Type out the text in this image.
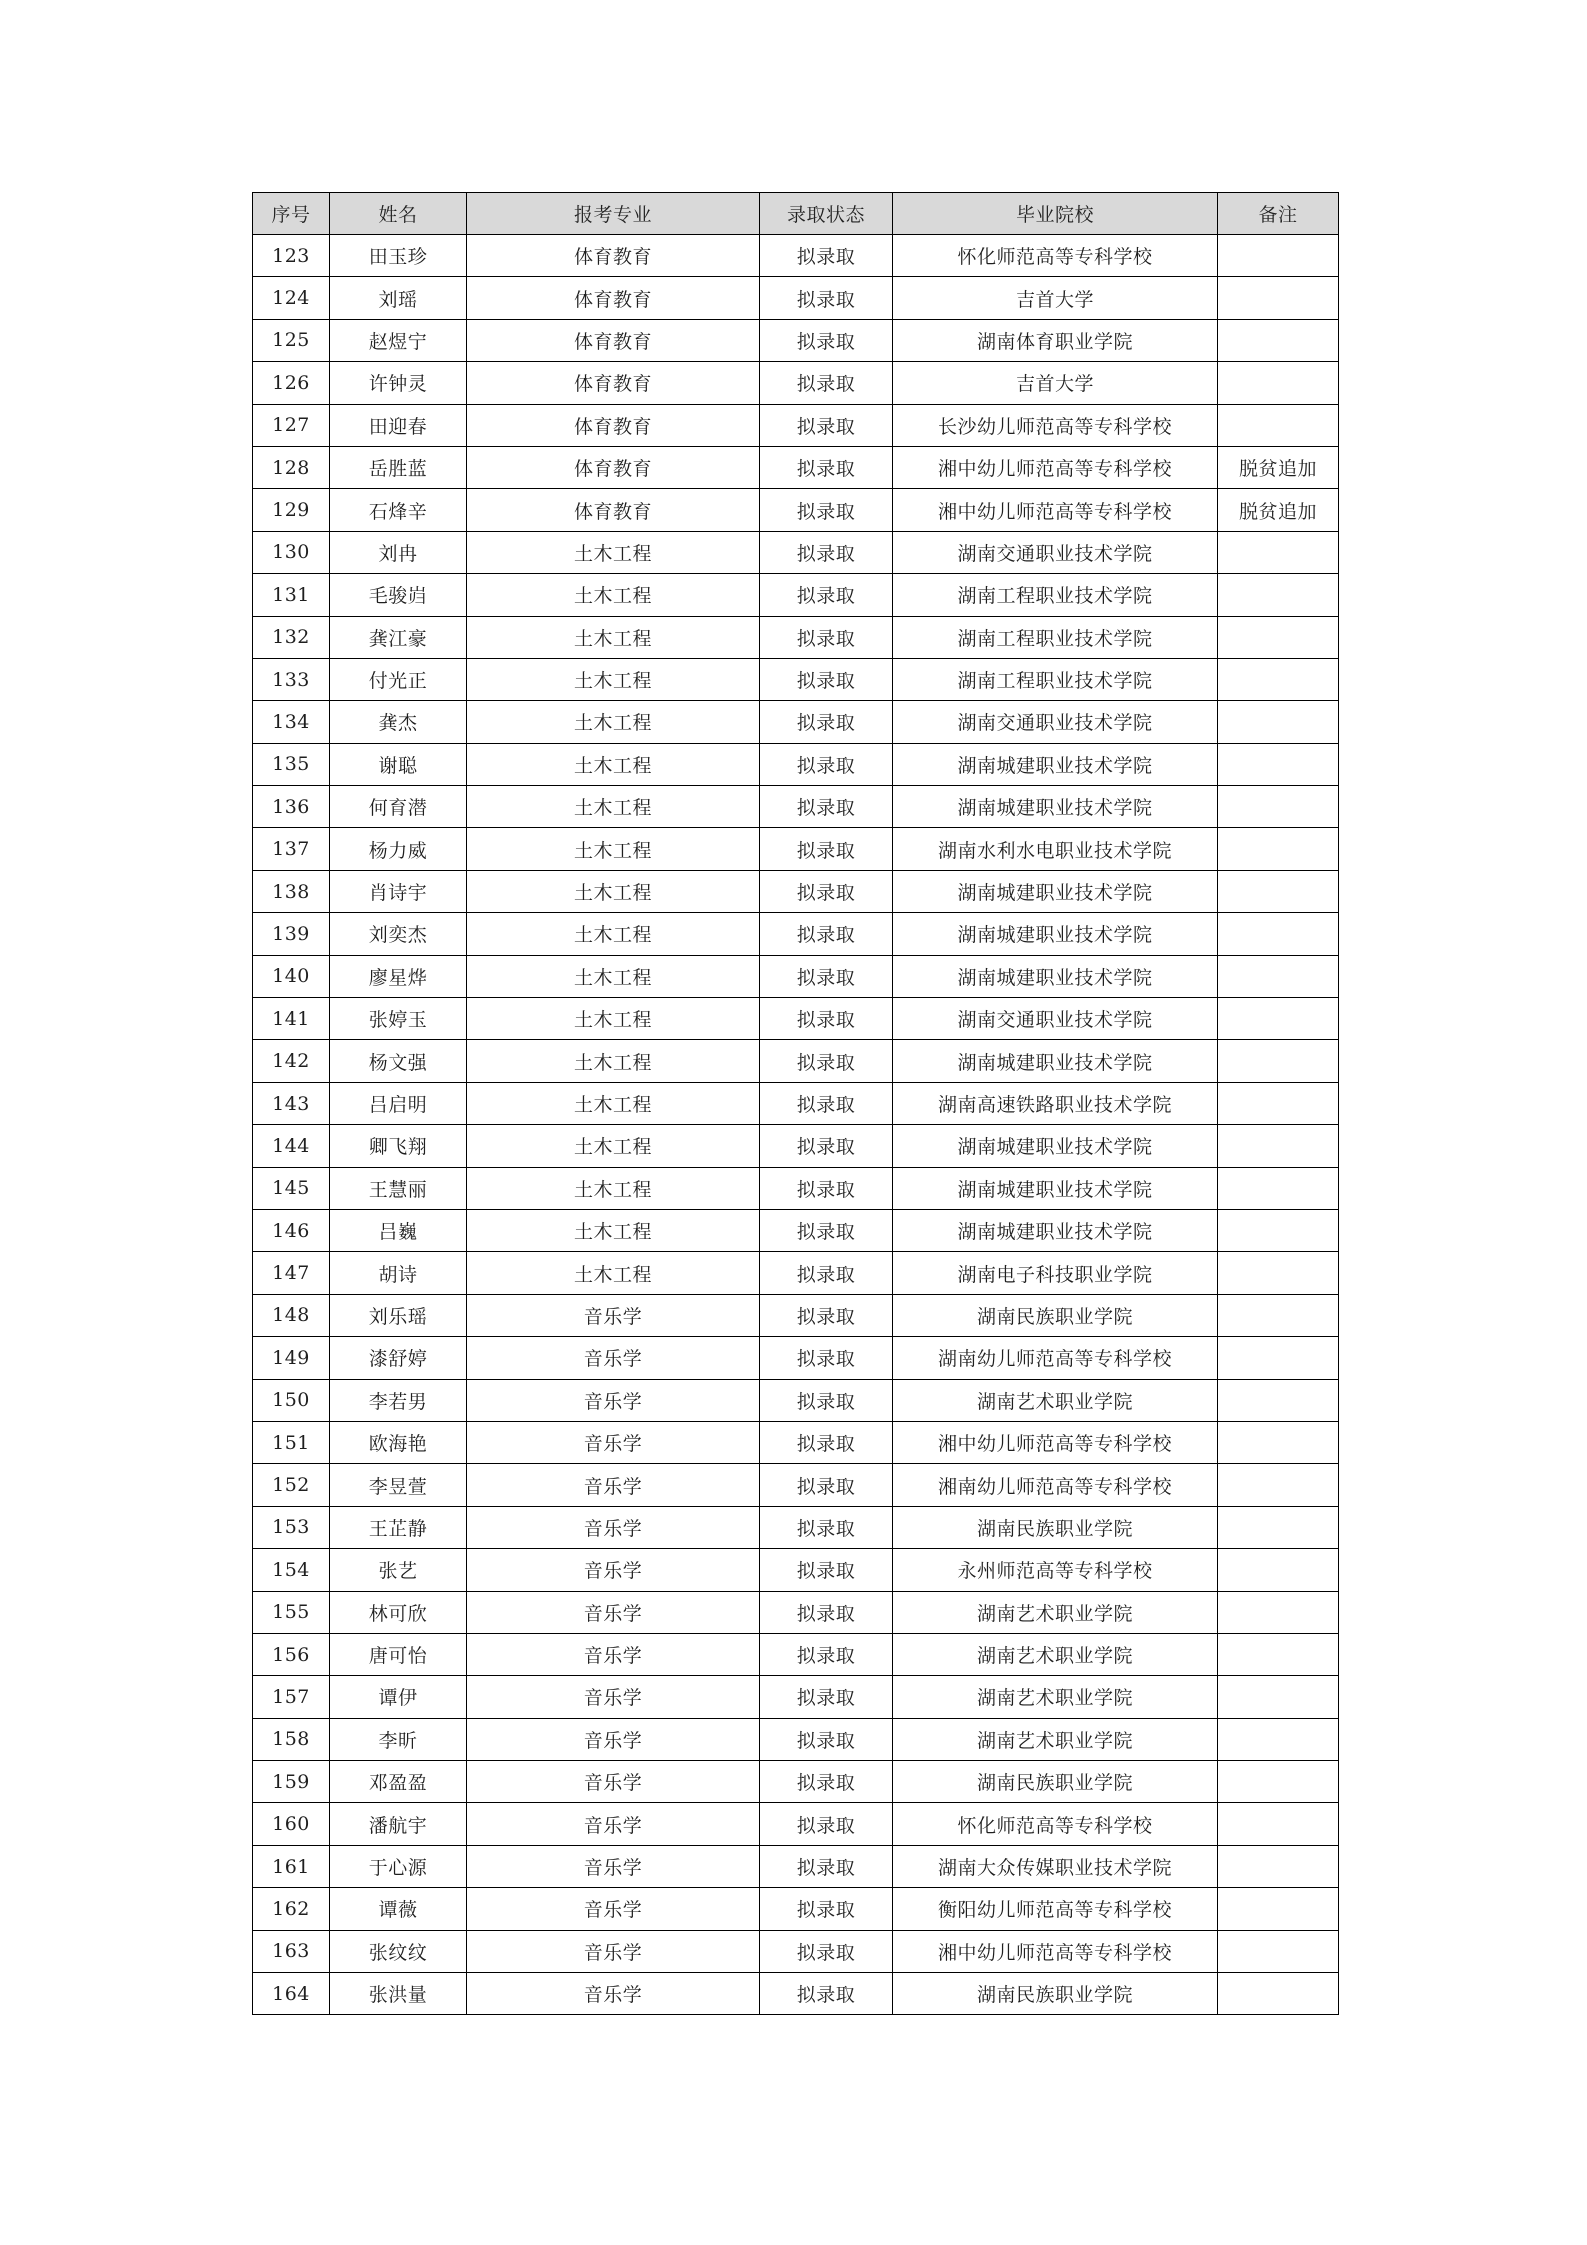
序号	姓名	报考专业	录取状态	毕业院校	备注
123	田玉珍	体育教育	拟录取	怀化师范高等专科学校	
124	刘瑶	体育教育	拟录取	吉首大学	
125	赵煜宁	体育教育	拟录取	湖南体育职业学院	
126	许钟灵	体育教育	拟录取	吉首大学	
127	田迎春	体育教育	拟录取	长沙幼儿师范高等专科学校	
128	岳胜蓝	体育教育	拟录取	湘中幼儿师范高等专科学校	脱贫追加
129	石烽辛	体育教育	拟录取	湘中幼儿师范高等专科学校	脱贫追加
130	刘冉	土木工程	拟录取	湖南交通职业技术学院	
131	毛骏岿	土木工程	拟录取	湖南工程职业技术学院	
132	龚江豪	土木工程	拟录取	湖南工程职业技术学院	
133	付光正	土木工程	拟录取	湖南工程职业技术学院	
134	龚杰	土木工程	拟录取	湖南交通职业技术学院	
135	谢聪	土木工程	拟录取	湖南城建职业技术学院	
136	何育潜	土木工程	拟录取	湖南城建职业技术学院	
137	杨力威	土木工程	拟录取	湖南水利水电职业技术学院	
138	肖诗宇	土木工程	拟录取	湖南城建职业技术学院	
139	刘奕杰	土木工程	拟录取	湖南城建职业技术学院	
140	廖星烨	土木工程	拟录取	湖南城建职业技术学院	
141	张婷玉	土木工程	拟录取	湖南交通职业技术学院	
142	杨文强	土木工程	拟录取	湖南城建职业技术学院	
143	吕启明	土木工程	拟录取	湖南高速铁路职业技术学院	
144	卿飞翔	土木工程	拟录取	湖南城建职业技术学院	
145	王慧丽	土木工程	拟录取	湖南城建职业技术学院	
146	吕巍	土木工程	拟录取	湖南城建职业技术学院	
147	胡诗	土木工程	拟录取	湖南电子科技职业学院	
148	刘乐瑶	音乐学	拟录取	湖南民族职业学院	
149	漆舒婷	音乐学	拟录取	湖南幼儿师范高等专科学校	
150	李若男	音乐学	拟录取	湖南艺术职业学院	
151	欧海艳	音乐学	拟录取	湘中幼儿师范高等专科学校	
152	李昱萱	音乐学	拟录取	湘南幼儿师范高等专科学校	
153	王芷静	音乐学	拟录取	湖南民族职业学院	
154	张艺	音乐学	拟录取	永州师范高等专科学校	
155	林可欣	音乐学	拟录取	湖南艺术职业学院	
156	唐可怡	音乐学	拟录取	湖南艺术职业学院	
157	谭伊	音乐学	拟录取	湖南艺术职业学院	
158	李昕	音乐学	拟录取	湖南艺术职业学院	
159	邓盈盈	音乐学	拟录取	湖南民族职业学院	
160	潘航宇	音乐学	拟录取	怀化师范高等专科学校	
161	于心源	音乐学	拟录取	湖南大众传媒职业技术学院	
162	谭薇	音乐学	拟录取	衡阳幼儿师范高等专科学校	
163	张纹纹	音乐学	拟录取	湘中幼儿师范高等专科学校	
164	张洪量	音乐学	拟录取	湖南民族职业学院	
